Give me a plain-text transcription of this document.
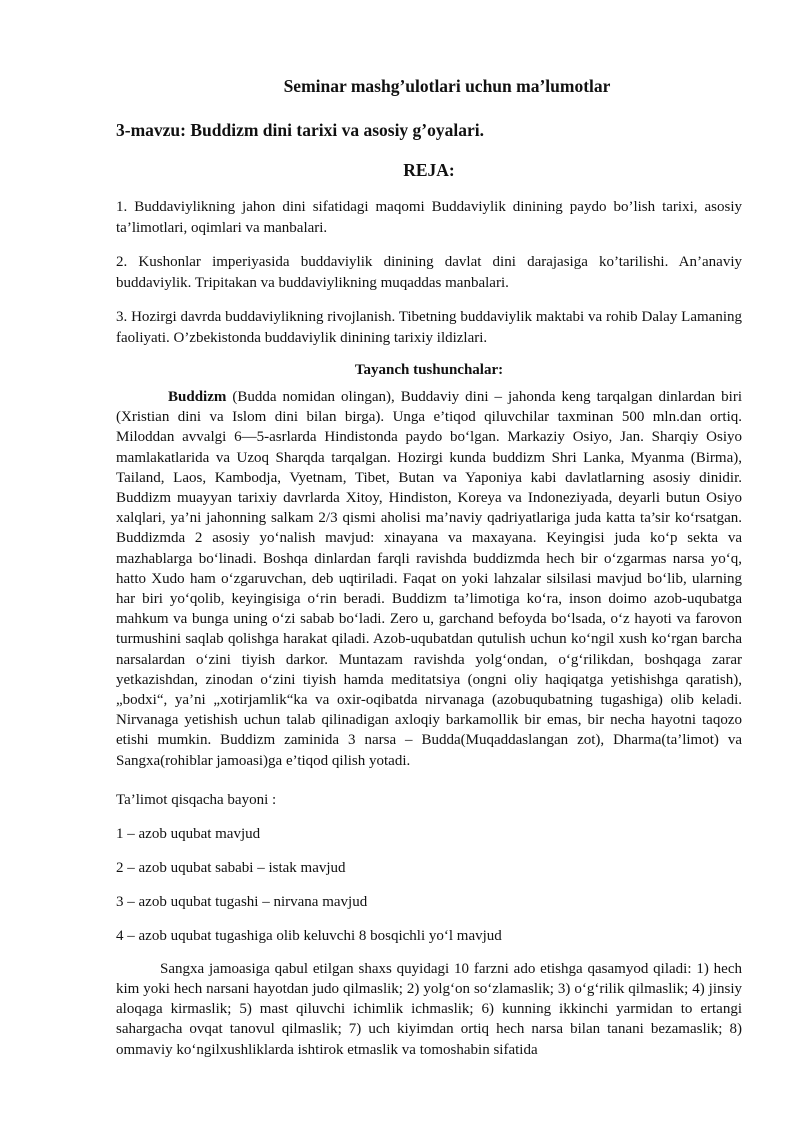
Seminar mashg’ulotlari uchun ma’lumotlar
3-mavzu: Buddizm dini tarixi va asosiy g’oyalari.
REJA:

1. Buddaviylikning jahon dini sifatidagi maqomi Buddaviylik dinining paydo bo’lish tarixi, asosiy ta’limotlari, oqimlari va manbalari.

2. Kushonlar imperiyasida buddaviylik dinining davlat dini darajasiga ko’tarilishi. An’anaviy buddaviylik. Tripitakan va buddaviylikning muqaddas manbalari.

3. Hozirgi davrda buddaviylikning rivojlanish. Tibetning buddaviylik maktabi va rohib Dalay Lamaning faoliyati. O’zbekistonda buddaviylik dinining tarixiy ildizlari.

Tayanch tushunchalar:

Buddizm (Budda nomidan olingan), Buddaviy dini – jahonda keng tarqalgan dinlardan biri (Xristian dini va Islom dini bilan birga). Unga e’tiqod qiluvchilar taxminan 500 mln.dan ortiq. Miloddan avvalgi 6—5-asrlarda Hindistonda paydo boʻlgan. Markaziy Osiyo, Jan. Sharqiy Osiyo mamlakatlarida va Uzoq Sharqda tarqalgan. Hozirgi kunda buddizm Shri Lanka, Myanma (Birma), Tailand, Laos, Kambodja, Vyetnam, Tibet, Butan va Yaponiya kabi davlatlarning asosiy dinidir. Buddizm muayyan tarixiy davrlarda Xitoy, Hindiston, Koreya va Indoneziyada, deyarli butun Osiyo xalqlari, ya’ni jahonning salkam 2/3 qismi aholisi ma’naviy qadriyatlariga juda katta ta’sir koʻrsatgan. Buddizmda 2 asosiy yoʻnalish mavjud: xinayana va maxayana. Keyingisi juda koʻp sekta va mazhablarga boʻlinadi. Boshqa dinlardan farqli ravishda buddizmda hech bir oʻzgarmas narsa yoʻq, hatto Xudo ham oʻzgaruvchan, deb uqtiriladi. Faqat on yoki lahzalar silsilasi mavjud boʻlib, ularning har biri yoʻqolib, keyingisiga oʻrin beradi. Buddizm ta’limotiga koʻra, inson doimo azob-uqubatga mahkum va bunga uning oʻzi sabab boʻladi. Zero u, garchand befoyda boʻlsada, oʻz hayoti va farovon turmushini saqlab qolishga harakat qiladi. Azob-uqubatdan qutulish uchun koʻngil xush koʻrgan barcha narsalardan oʻzini tiyish darkor. Muntazam ravishda yolgʻondan, oʻgʻrilikdan, boshqaga zarar yetkazishdan, zinodan oʻzini tiyish hamda meditatsiya (ongni oliy haqiqatga yetishishga qaratish), „bodxi“, ya’ni „xotirjamlik“ka va oxir-oqibatda nirvanaga (azobuqubatning tugashiga) olib keladi. Nirvanaga yetishish uchun talab qilinadigan axloqiy barkamollik bir emas, bir necha hayotni taqozo etishi mumkin. Buddizm zaminida 3 narsa – Budda(Muqaddaslangan zot), Dharma(ta’limot) va Sangxa(rohiblar jamoasi)ga e’tiqod qilish yotadi.

Ta’limot qisqacha bayoni :

1 – azob uqubat mavjud

2 – azob uqubat sababi – istak mavjud

3 – azob uqubat tugashi – nirvana mavjud

4 – azob uqubat tugashiga olib keluvchi 8 bosqichli yoʻl mavjud

Sangxa jamoasiga qabul etilgan shaxs quyidagi 10 farzni ado etishga qasamyod qiladi: 1) hech kim yoki hech narsani hayotdan judo qilmaslik; 2) yolgʻon soʻzlamaslik; 3) oʻgʻrilik qilmaslik; 4) jinsiy aloqaga kirmaslik; 5) mast qiluvchi ichimlik ichmaslik; 6) kunning ikkinchi yarmidan to ertangi sahargacha ovqat tanovul qilmaslik; 7) uch kiyimdan ortiq hech narsa bilan tanani bezamaslik; 8) ommaviy koʻngilxushliklarda ishtirok etmaslik va tomoshabin sifatida
